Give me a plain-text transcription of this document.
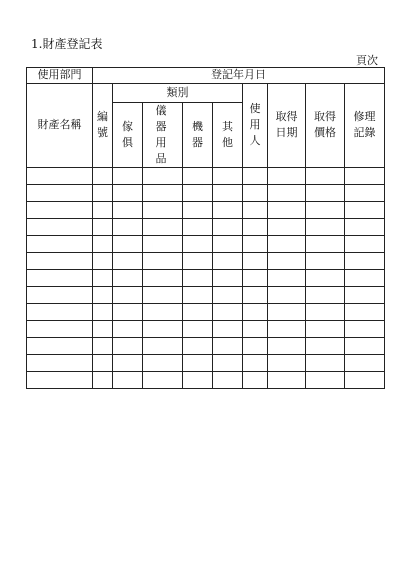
1.財產登記表
頁次
使用部門	登記年月日								
財產名稱	編號	類別				使用人	取得日期	取得價格	修理記錄
		傢俱	儀器用品	機器	其他				
